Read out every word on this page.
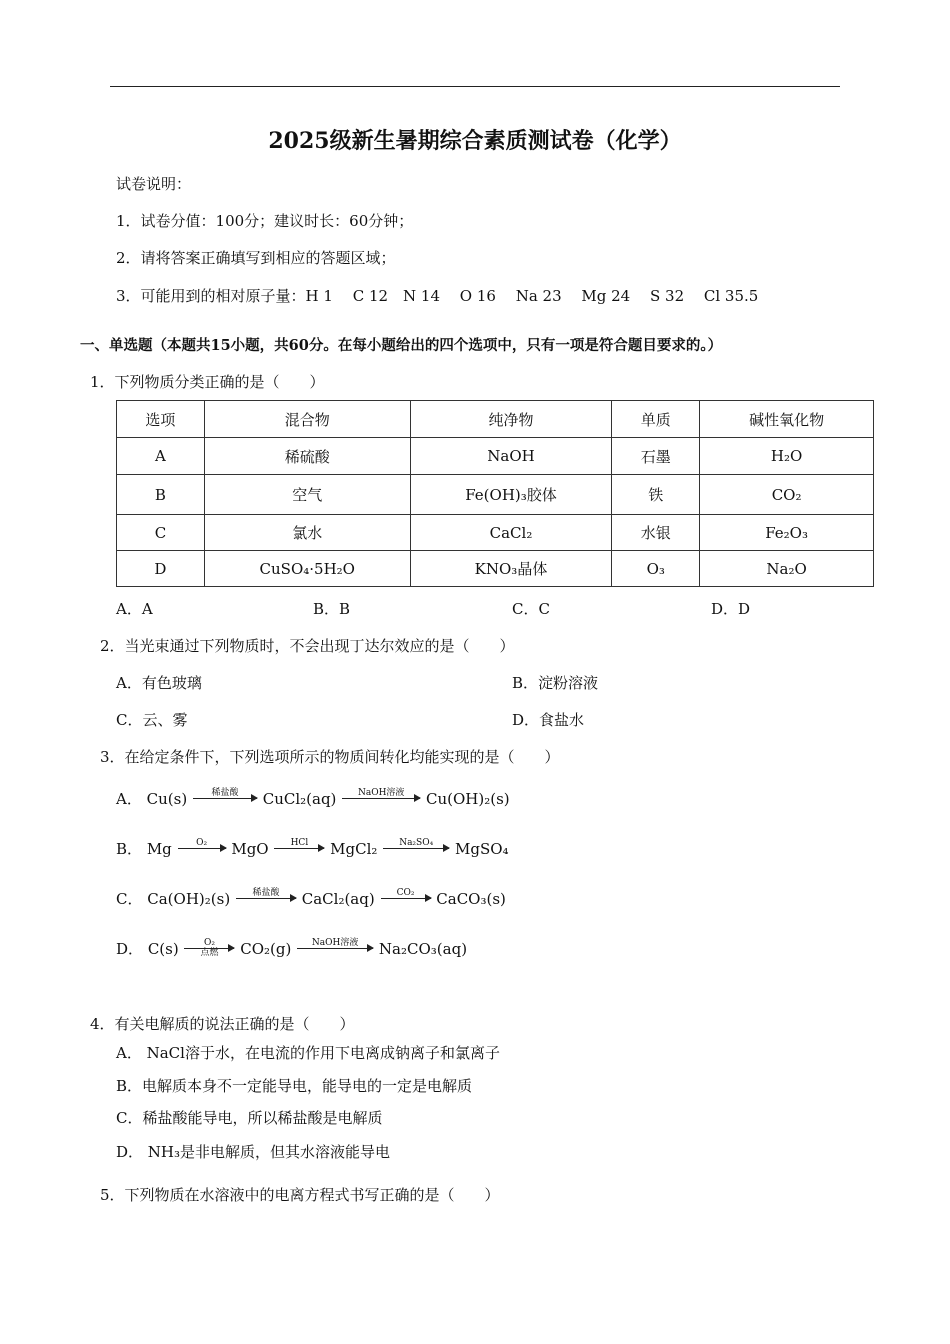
2025级新生暑期综合素质测试卷（化学）
试卷说明：
1．试卷分值：100分；建议时长：60分钟；
2．请将答案正确填写到相应的答题区域；
3．可能用到的相对原子量：H 1　 C 12　N 14　 O 16　 Na 23　 Mg 24　 S 32　 Cl 35.5
一、单选题（本题共15小题，共60分。在每小题给出的四个选项中，只有一项是符合题目要求的。）
1．下列物质分类正确的是（　　）
选项	混合物	纯净物	单质	碱性氧化物
A	稀硫酸	NaOH	石墨	H₂O
B	空气	Fe(OH)₃胶体	铁	CO₂
C	氯水	CaCl₂	水银	Fe₂O₃
D	CuSO₄·5H₂O	KNO₃晶体	O₃	Na₂O
A．A	B．B	C．C	D．D
2．当光束通过下列物质时，不会出现丁达尔效应的是（　　）
A．有色玻璃	B．淀粉溶液
C．云、雾	D．食盐水
3．在给定条件下，下列选项所示的物质间转化均能实现的是（　　）
A． Cu(s)	稀盐酸 CuCl₂(aq) NaOH溶液 Cu(OH)₂(s)
B． Mg	O₂ MgO HCl MgCl₂ Na₂SO₄ MgSO₄
C． Ca(OH)₂(s) 稀盐酸 CaCl₂(aq) CO₂ CaCO₃(s)
D． C(s)	O₂
点燃 CO₂(g) NaOH溶液 Na₂CO₃(aq)
4．有关电解质的说法正确的是（　　）
A． NaCl溶于水，在电流的作用下电离成钠离子和氯离子
B．电解质本身不一定能导电，能导电的一定是电解质
C．稀盐酸能导电，所以稀盐酸是电解质
D． NH₃是非电解质，但其水溶液能导电
5．下列物质在水溶液中的电离方程式书写正确的是（　　）
